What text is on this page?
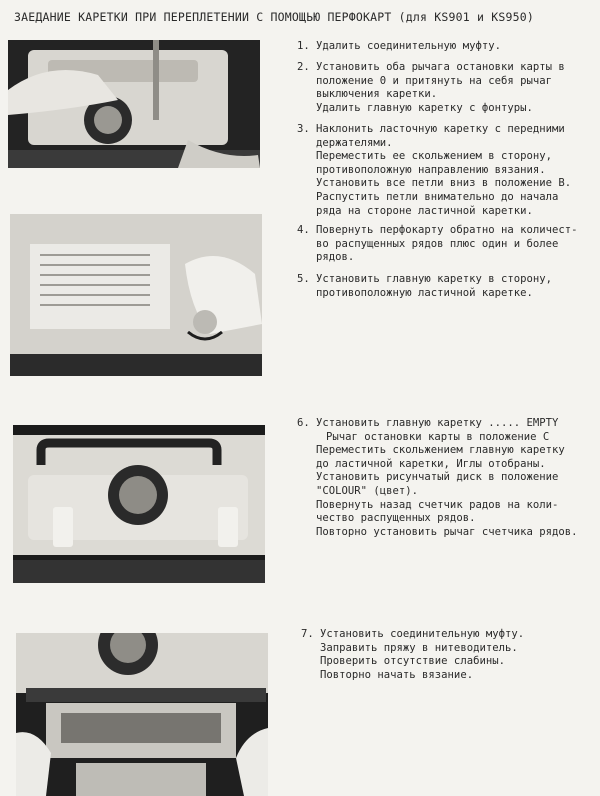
ЗАЕДАНИЕ КАРЕТКИ ПРИ ПЕРЕПЛЕТЕНИИ С ПОМОЩЬЮ ПЕРФОКАРТ (для KS901 и KS950)
1. Удалить соединительную муфту.
2. Установить оба рычага остановки карты в
положение 0 и притянуть на себя рычаг
выключения каретки.
Удалить главную каретку с фонтуры.
3. Наклонить ласточную каретку с передними
держателями.
Переместить ее скольжением в сторону,
противоположную направлению вязания.
Установить все петли вниз в положение B.
Распустить петли внимательно до начала
ряда на стороне ластичной каретки.
4. Повернуть перфокарту обратно на количест-
во распущенных рядов плюс один и более
рядов.
5. Установить главную каретку в сторону,
противоположную ластичной каретке.
6. Установить главную каретку ..... EMPTY
Рычаг остановки карты в положение C
Переместить скольжением главную каретку
до ластичной каретки, Иглы отобраны.
Установить рисунчатый диск в положение
"COLOUR" (цвет).
Повернуть назад счетчик радов на коли-
чество распущенных рядов.
Повторно установить рычаг счетчика рядов.
7. Установить соединительную муфту.
Заправить пряжу в нитеводитель.
Проверить отсутствие слабины.
Повторно начать вязание.
